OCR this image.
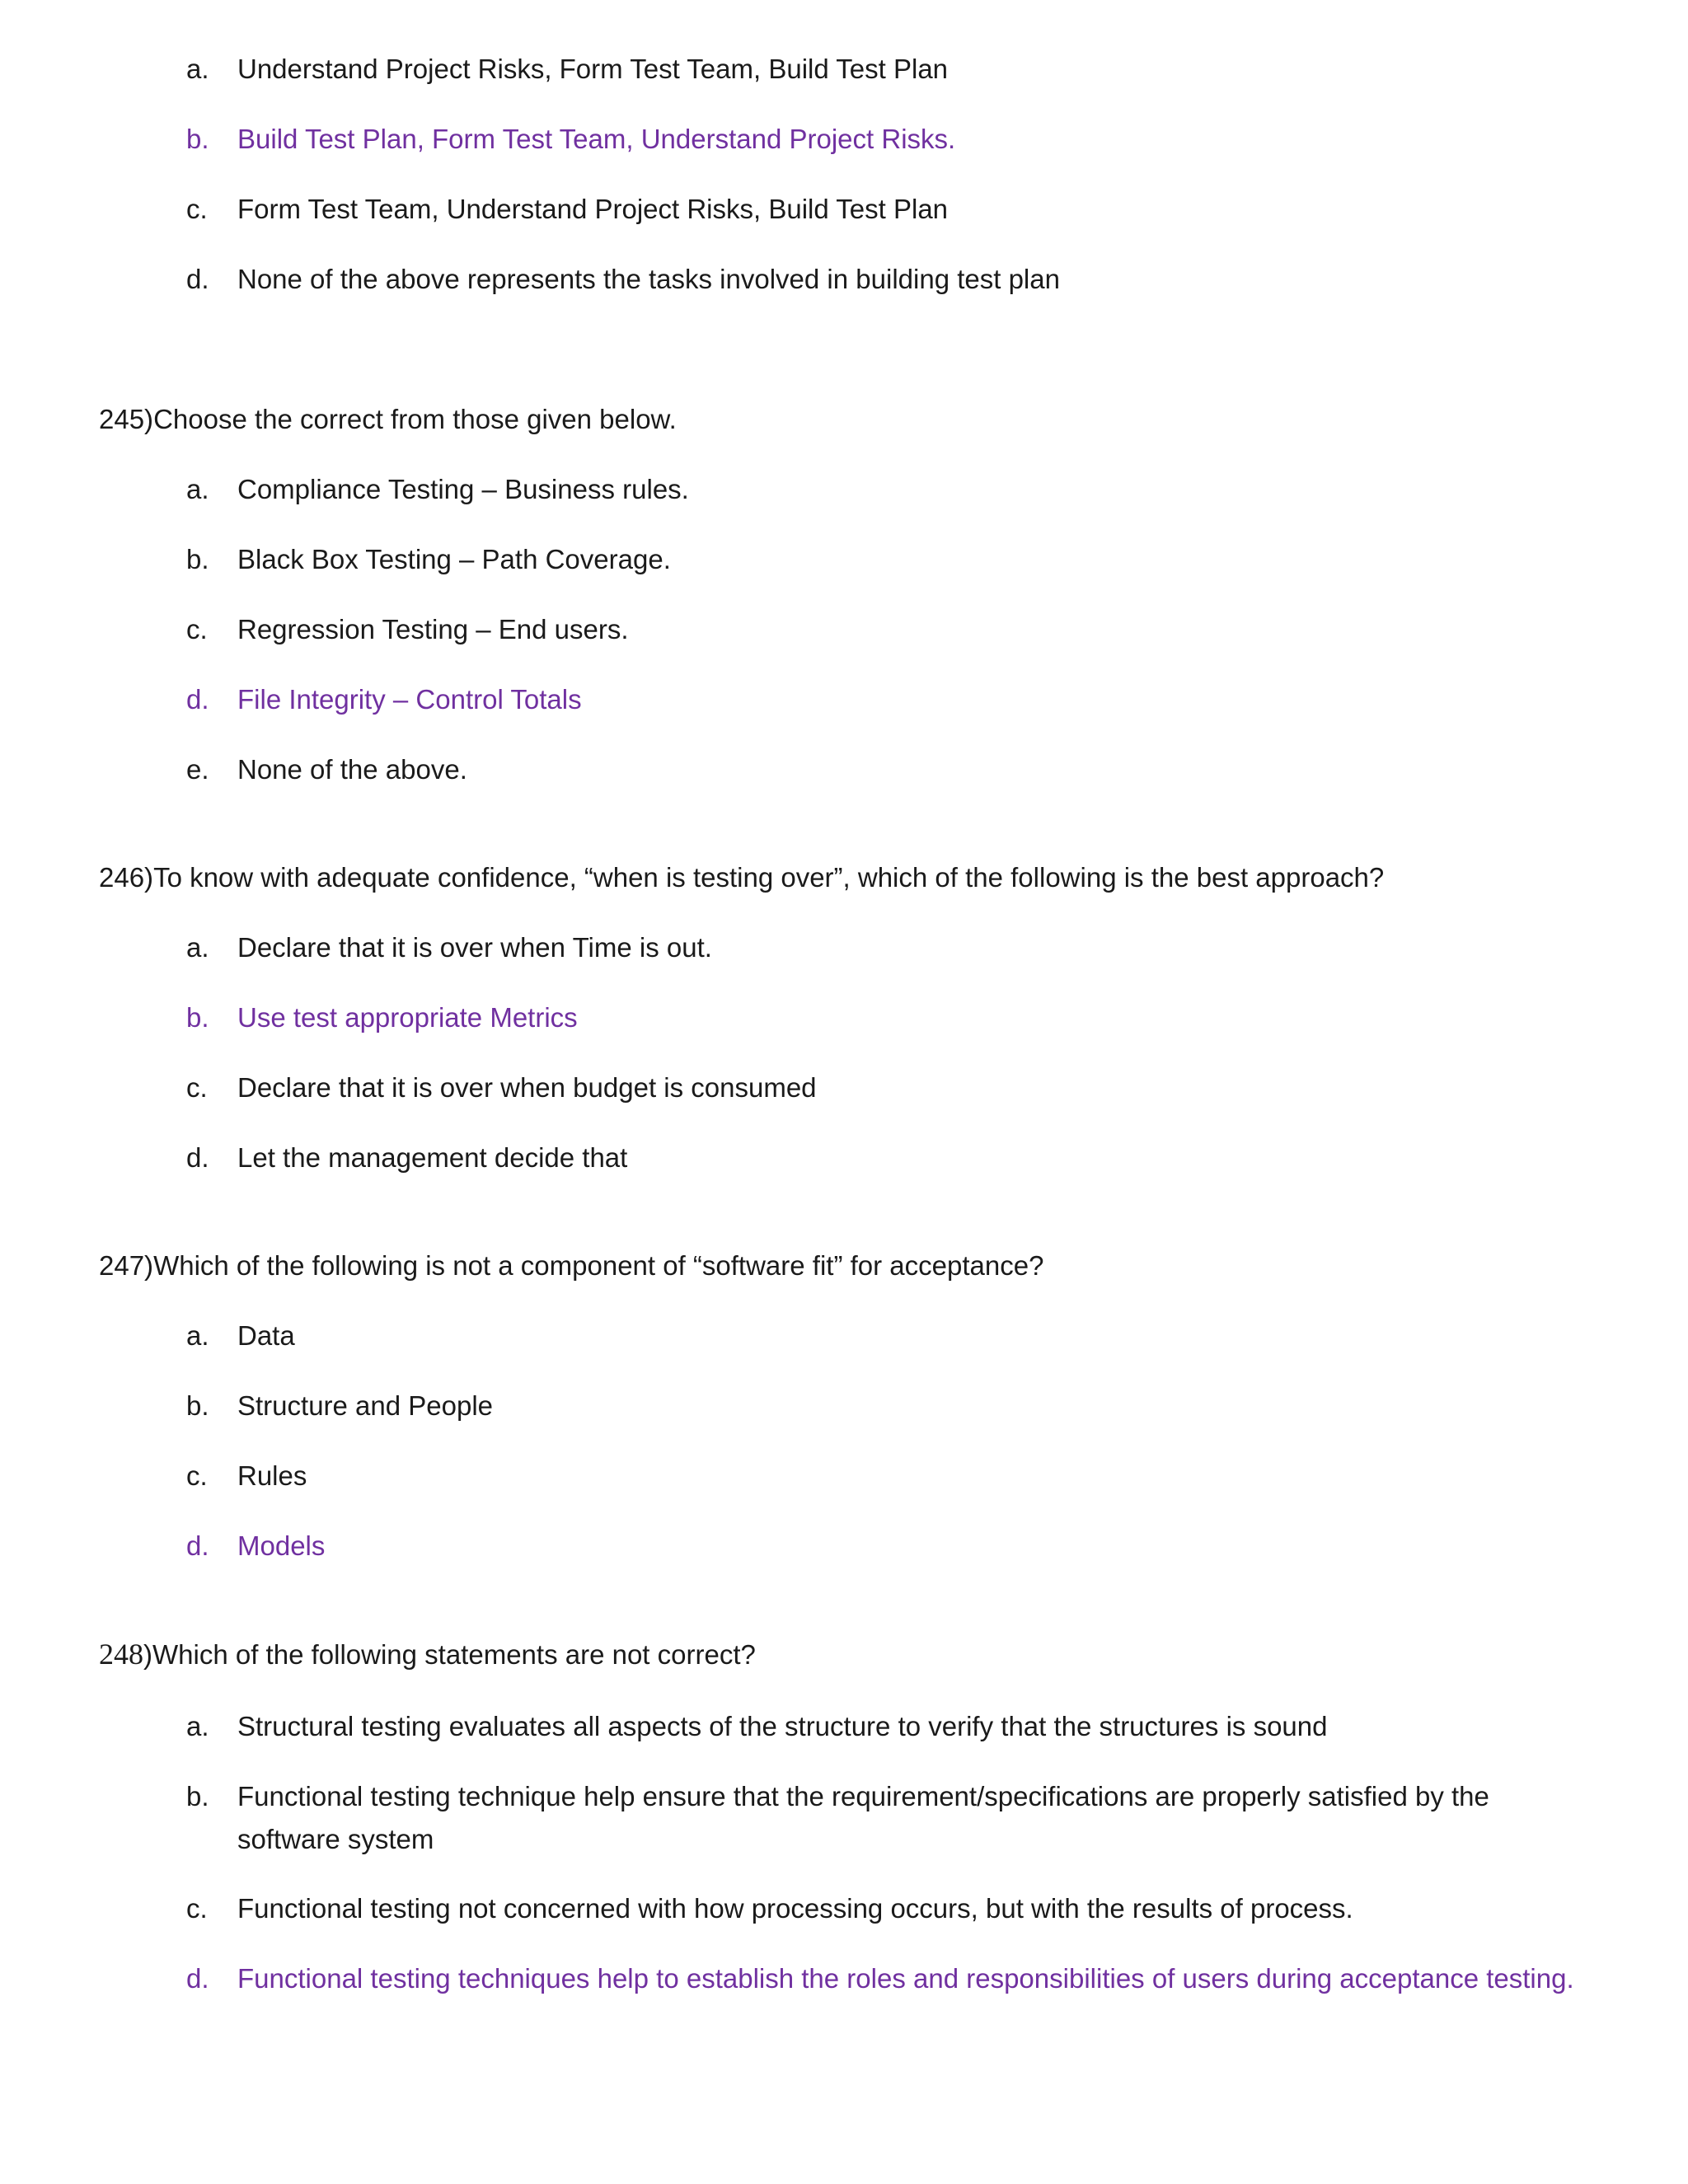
a. Understand Project Risks, Form Test Team, Build Test Plan
b. Build Test Plan, Form Test Team, Understand Project Risks.
c. Form Test Team, Understand Project Risks, Build Test Plan
d. None of the above represents the tasks involved in building test plan
245)Choose the correct from those given below.
a. Compliance Testing – Business rules.
b. Black Box Testing – Path Coverage.
c. Regression Testing – End users.
d. File Integrity – Control Totals
e. None of the above.
246)To know with adequate confidence, “when is testing over”, which of the following is the best approach?
a. Declare that it is over when Time is out.
b. Use test appropriate Metrics
c. Declare that it is over when budget is consumed
d. Let the management decide that
247)Which of the following is not a component of “software fit” for acceptance?
a. Data
b. Structure and People
c. Rules
d. Models
248)Which of the following statements are not correct?
a. Structural testing evaluates all aspects of the structure to verify that the structures is sound
b. Functional testing technique help ensure that the requirement/specifications are properly satisfied by the software system
c. Functional testing not concerned with how processing occurs, but with the results of process.
d. Functional testing techniques help to establish the roles and responsibilities of users during acceptance testing.
